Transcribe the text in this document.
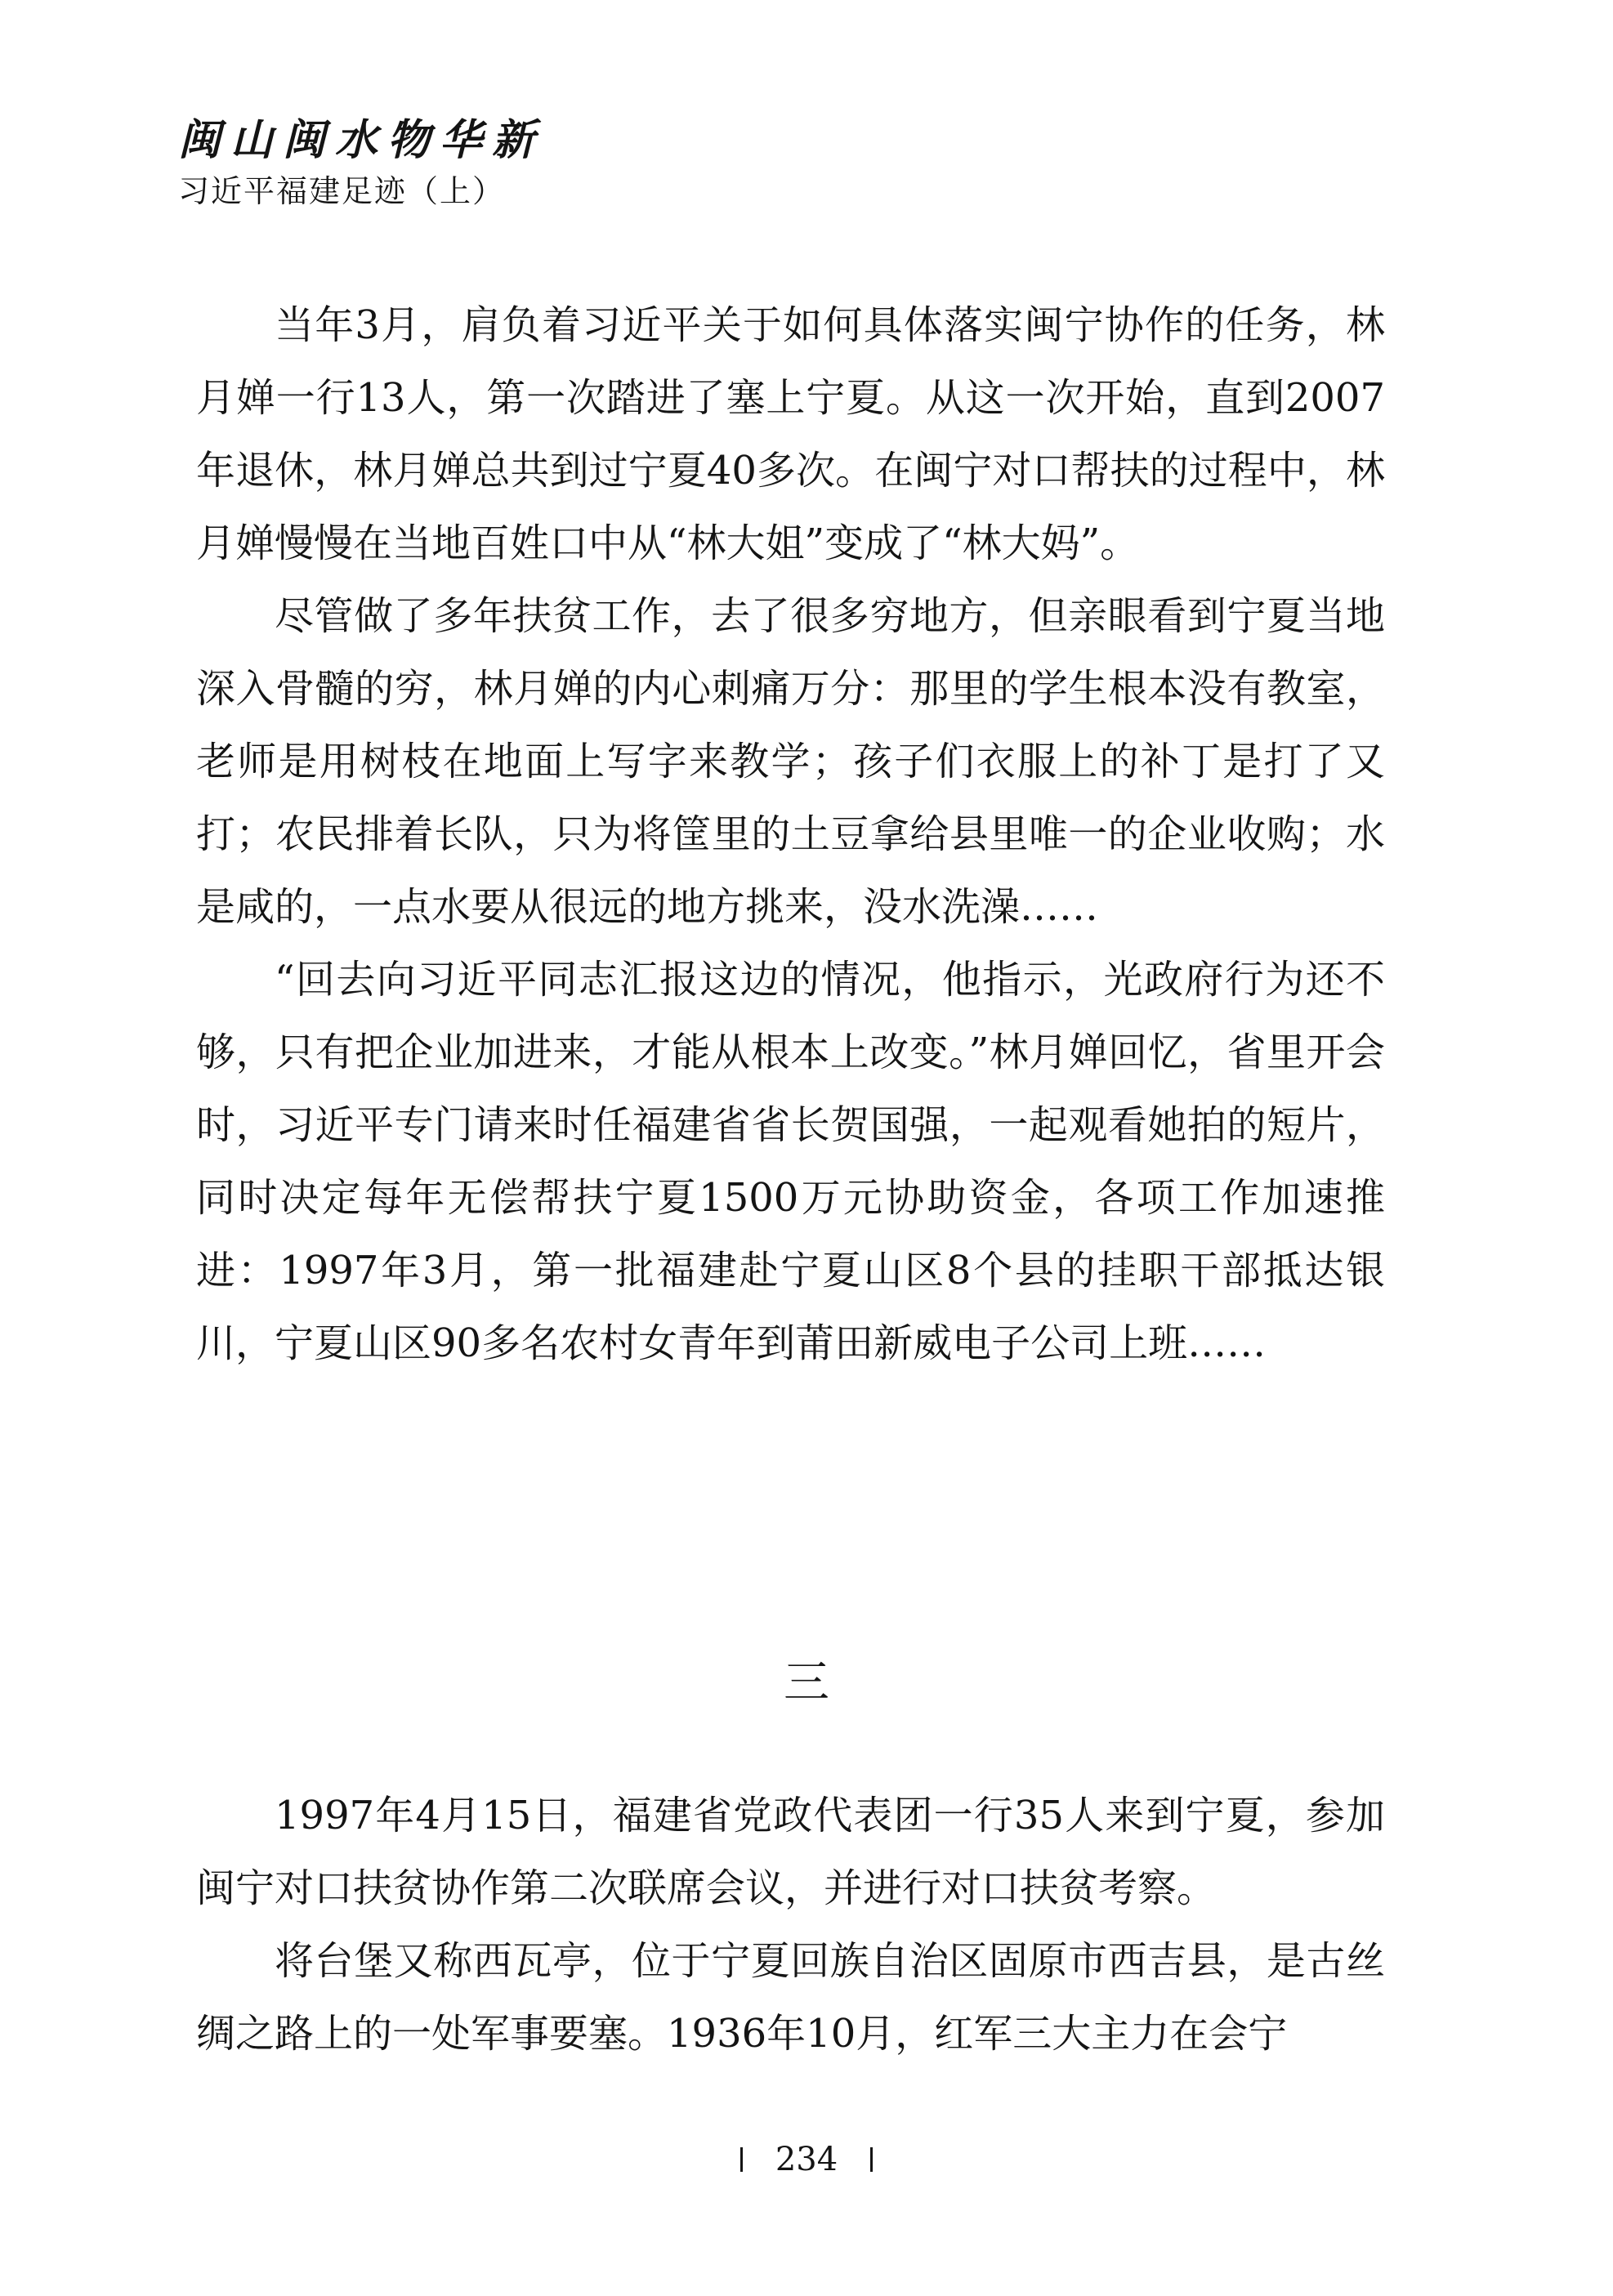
闽山闽水物华新
习近平福建足迹（上）

当年3月，肩负着习近平关于如何具体落实闽宁协作的任务，林月婵一行13人，第一次踏进了塞上宁夏。从这一次开始，直到2007年退休，林月婵总共到过宁夏40多次。在闽宁对口帮扶的过程中，林月婵慢慢在当地百姓口中从“林大姐”变成了“林大妈”。

尽管做了多年扶贫工作，去了很多穷地方，但亲眼看到宁夏当地深入骨髓的穷，林月婵的内心刺痛万分：那里的学生根本没有教室，老师是用树枝在地面上写字来教学；孩子们衣服上的补丁是打了又打；农民排着长队，只为将筐里的土豆拿给县里唯一的企业收购；水是咸的，一点水要从很远的地方挑来，没水洗澡……

“回去向习近平同志汇报这边的情况，他指示，光政府行为还不够，只有把企业加进来，才能从根本上改变。”林月婵回忆，省里开会时，习近平专门请来时任福建省省长贺国强，一起观看她拍的短片，同时决定每年无偿帮扶宁夏1500万元协助资金，各项工作加速推进：1997年3月，第一批福建赴宁夏山区8个县的挂职干部抵达银川，宁夏山区90多名农村女青年到莆田新威电子公司上班……

三

1997年4月15日，福建省党政代表团一行35人来到宁夏，参加闽宁对口扶贫协作第二次联席会议，并进行对口扶贫考察。

将台堡又称西瓦亭，位于宁夏回族自治区固原市西吉县，是古丝绸之路上的一处军事要塞。1936年10月，红军三大主力在会宁

234
